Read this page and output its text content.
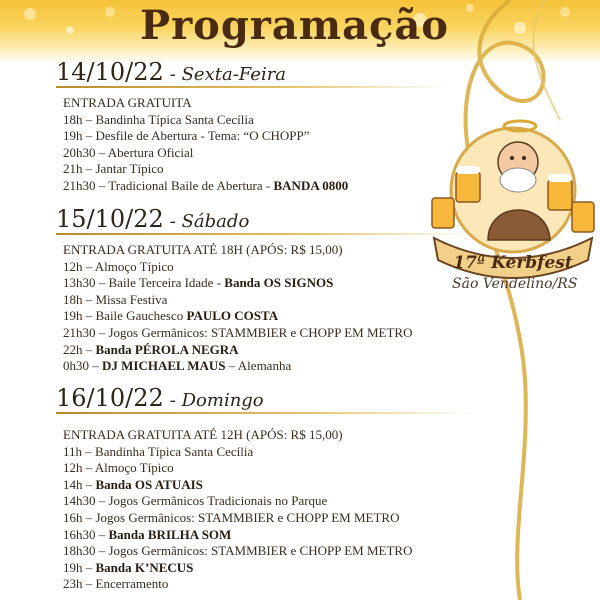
Programação
14/10/22 - Sexta-Feira
ENTRADA GRATUITA
18h – Bandinha Típica Santa Cecília
19h – Desfile de Abertura - Tema: “O CHOPP”
20h30 – Abertura Oficial
21h – Jantar Típico
21h30 – Tradicional Baile de Abertura - BANDA 0800
15/10/22 - Sábado
ENTRADA GRATUITA ATÉ 18H (APÓS: R$ 15,00)
12h – Almoço Típico
13h30 – Baile Terceira Idade - Banda OS SIGNOS
18h – Missa Festiva
19h – Baile Gauchesco PAULO COSTA
21h30 – Jogos Germânicos: STAMMBIER e CHOPP EM METRO
22h – Banda PÉROLA NEGRA
0h30 – DJ MICHAEL MAUS – Alemanha
16/10/22 - Domingo
ENTRADA GRATUITA ATÉ 12H (APÓS: R$ 15,00)
11h – Bandinha Típica Santa Cecília
12h – Almoço Típico
14h – Banda OS ATUAIS
14h30 – Jogos Germânicos Tradicionais no Parque
16h – Jogos Germânicos: STAMMBIER e CHOPP EM METRO
16h30 – Banda BRILHA SOM
18h30 – Jogos Germânicos: STAMMBIER e CHOPP EM METRO
19h – Banda K’NECUS
23h – Encerramento
17ª Kerbfest
São Vendelino/RS
